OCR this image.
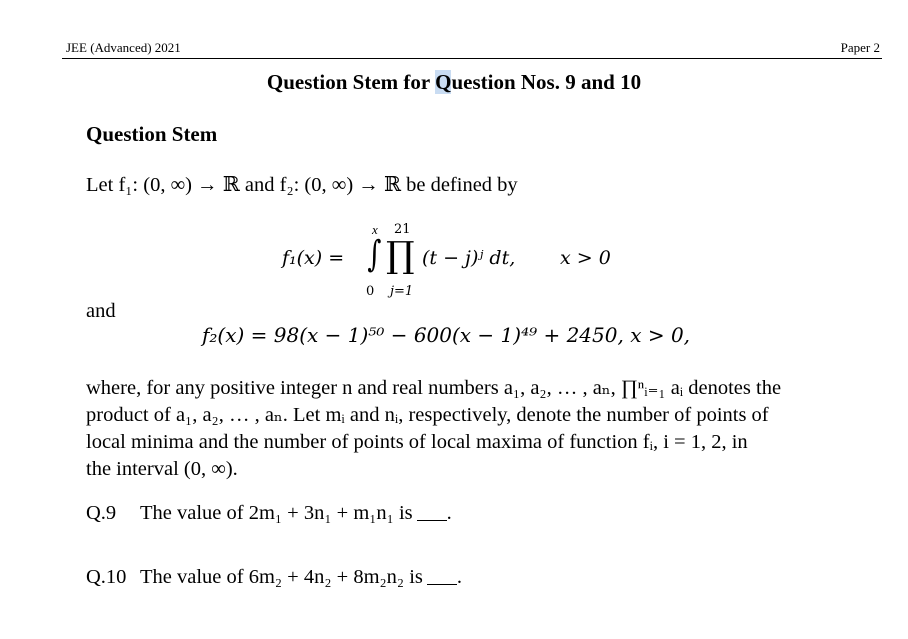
JEE (Advanced) 2021	Paper 2
Question Stem for Question Nos. 9 and 10
Question Stem
Let f₁: (0, ∞) → ℝ and f₂: (0, ∞) → ℝ be defined by
f₁(x) =
x 21
∫ ∏
0 j=1
(t − j)ʲ dt, x > 0
and
f₂(x) = 98(x − 1)⁵⁰ − 600(x − 1)⁴⁹ + 2450, x > 0,
where, for any positive integer n and real numbers a₁, a₂, … , aₙ, ∏ⁿᵢ₌₁ aᵢ denotes the
product of a₁, a₂, … , aₙ. Let mᵢ and nᵢ, respectively, denote the number of points of
local minima and the number of points of local maxima of function fᵢ, i = 1, 2, in
the interval (0, ∞).
Q.9 The value of 2m₁ + 3n₁ + m₁n₁ is .
Q.10 The value of 6m₂ + 4n₂ + 8m₂n₂ is .
